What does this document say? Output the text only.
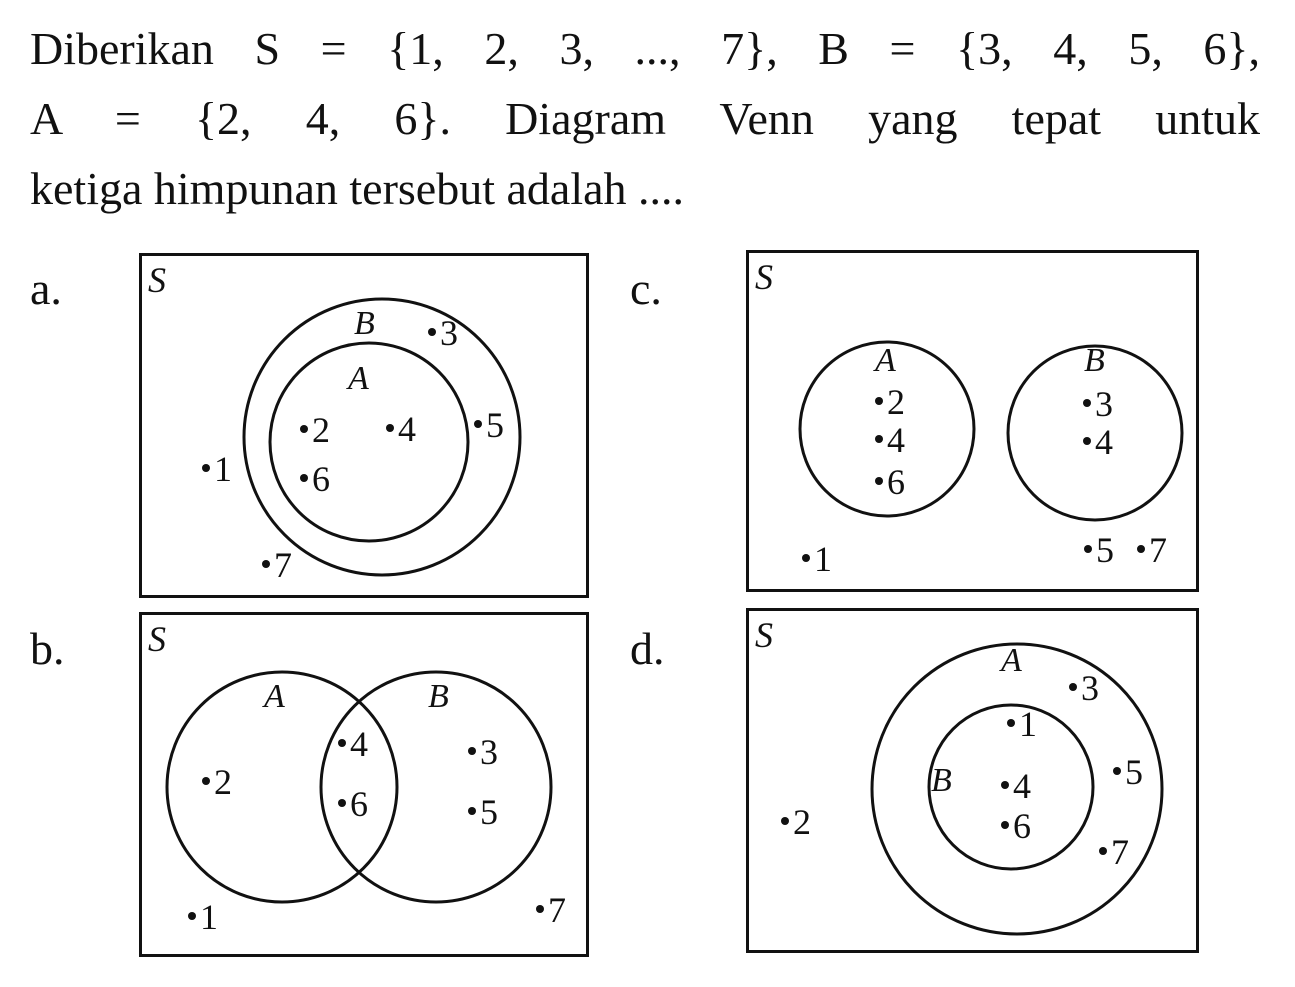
Diberikan S = {1, 2, 3, ..., 7}, B = {3, 4, 5, 6},
A = {2, 4, 6}. Diagram Venn yang tepat untuk
ketiga himpunan tersebut adalah ....
a. S
B
A
1
2
3
4 5
6
7
b. S
A	B
1
2
3
4
5
6
7
c.	S
A	B
1
2	3
4	4
5
6
7
d.	S
A
B
1
2
3
4	5
6
7
